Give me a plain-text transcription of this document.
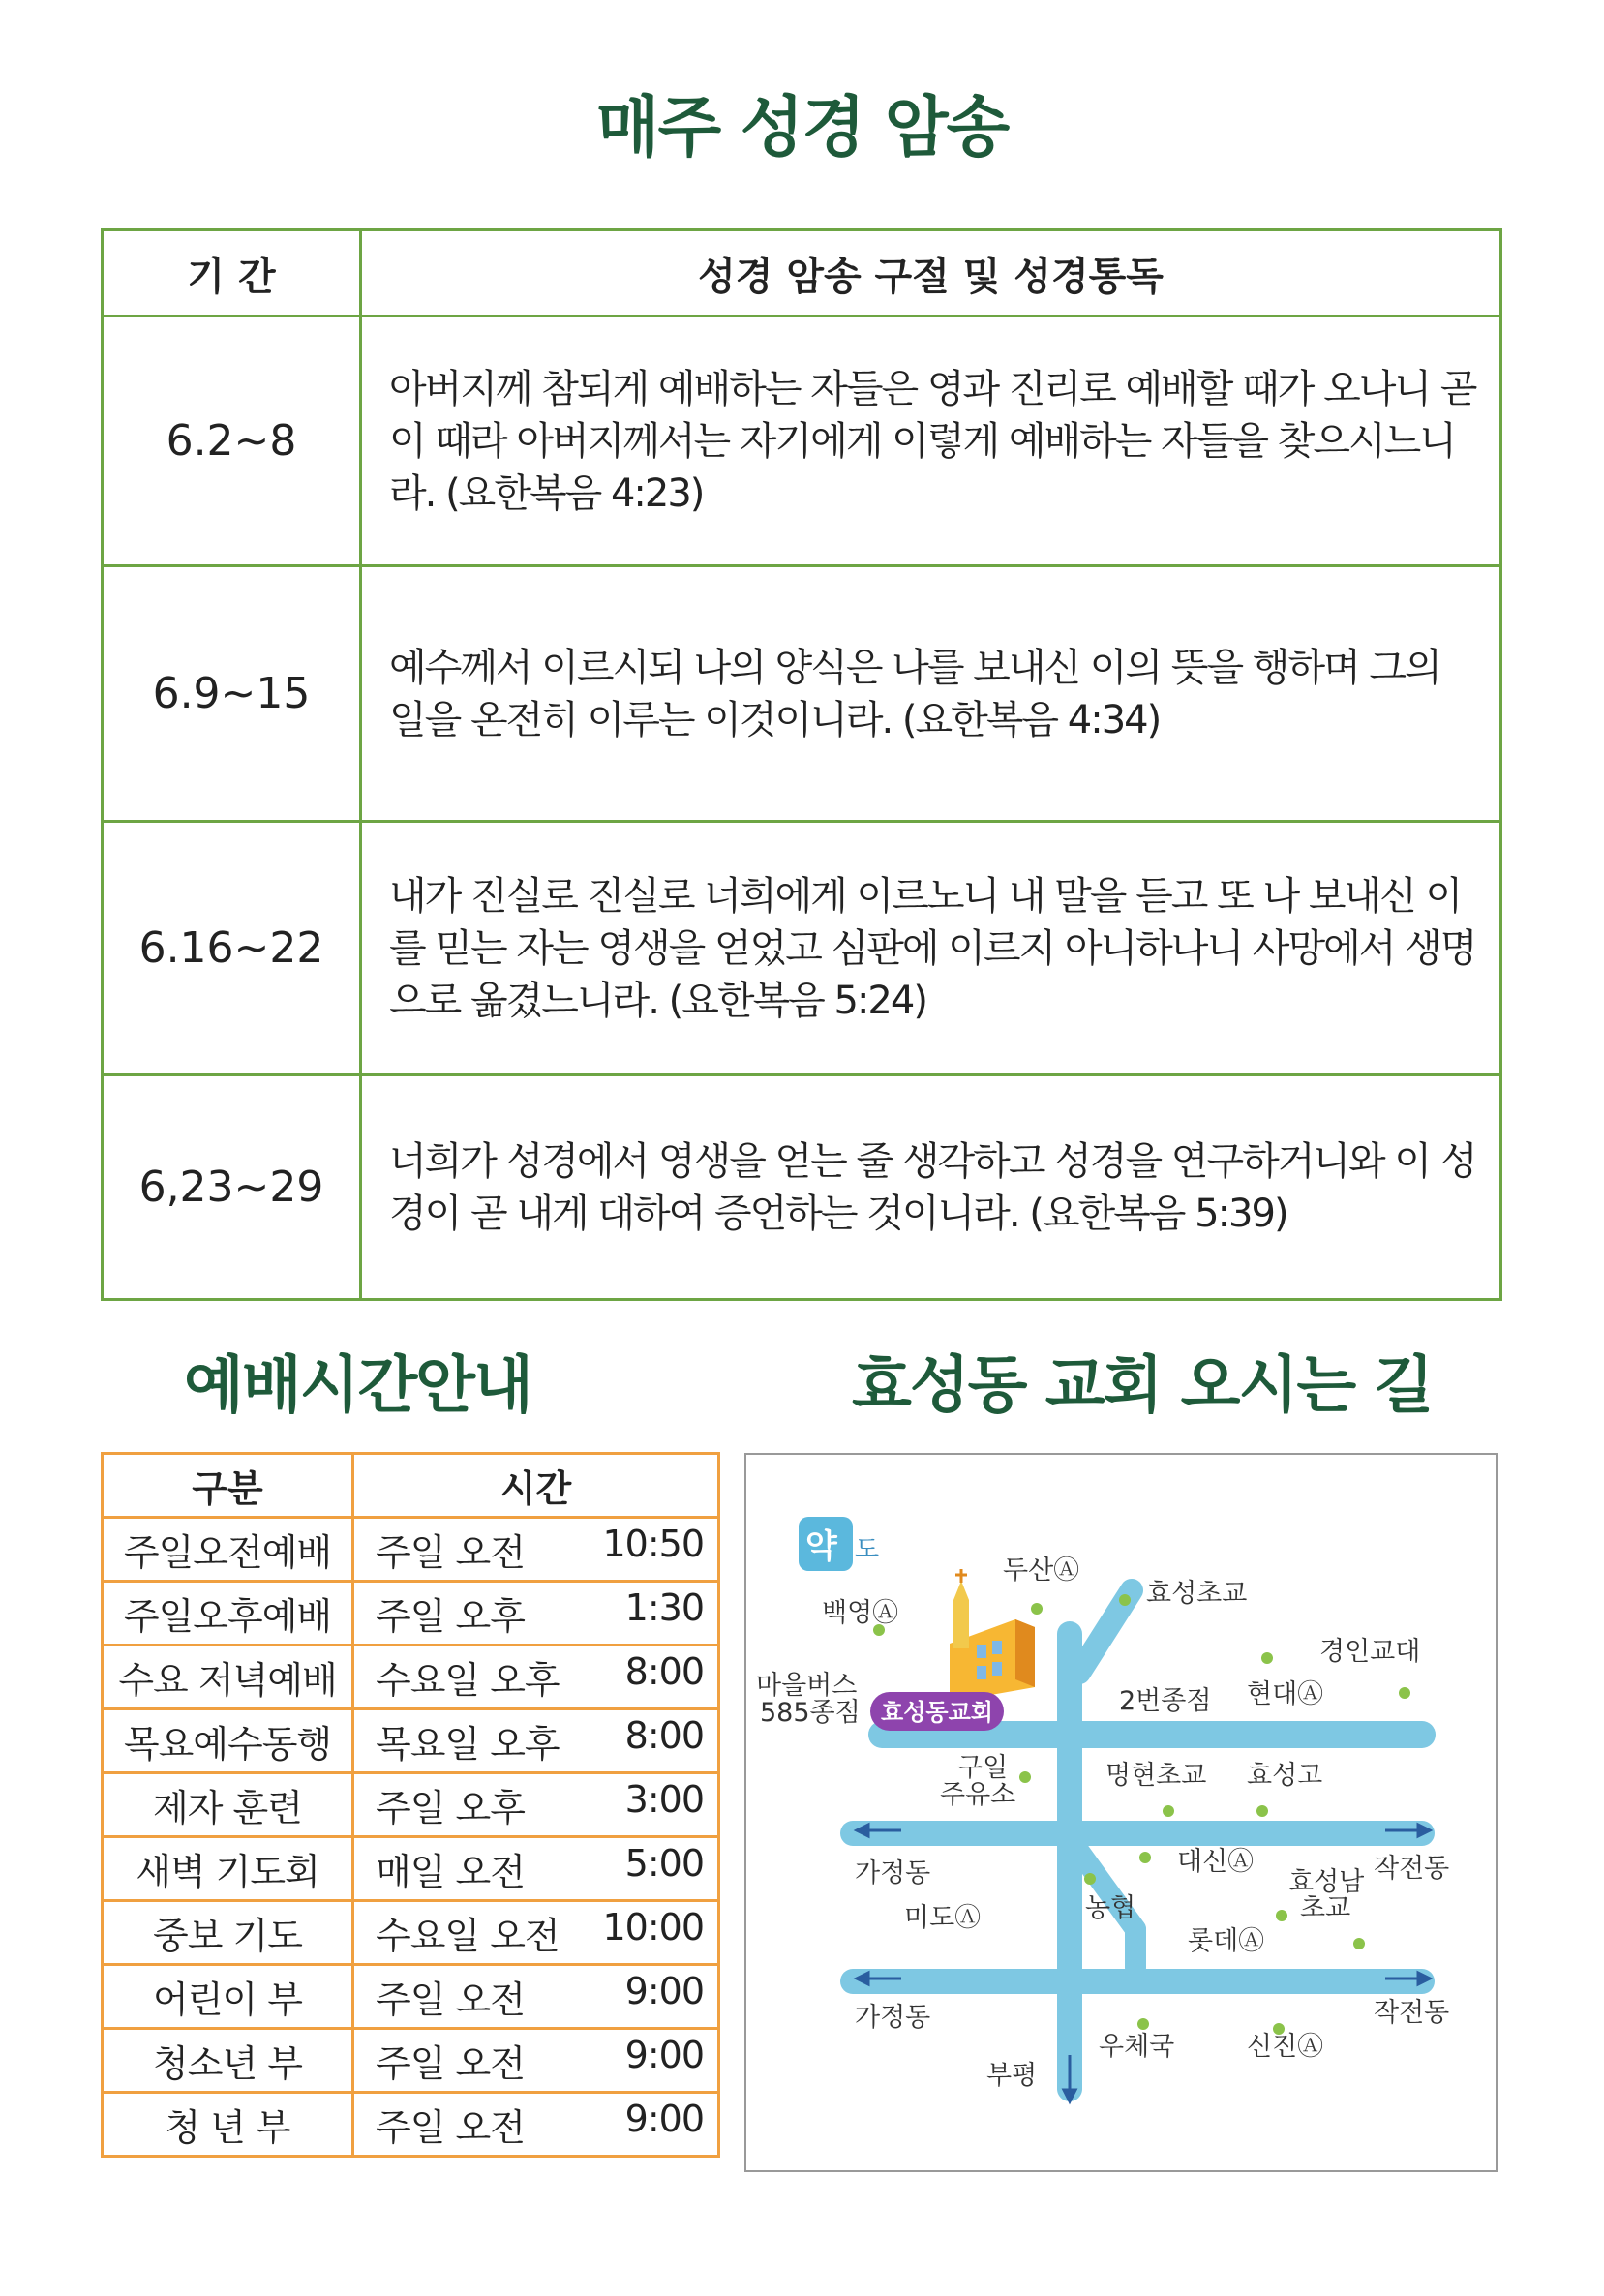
매주 성경 암송
기 간	성경 암송 구절 및 성경통독
6.2~8	아버지께 참되게 예배하는 자들은 영과 진리로 예배할 때가 오나니 곧 이 때라 아버지께서는 자기에게 이렇게 예배하는 자들을 찾으시느니라. (요한복음 4:23)
6.9~15	예수께서 이르시되 나의 양식은 나를 보내신 이의 뜻을 행하며 그의 일을 온전히 이루는 이것이니라. (요한복음 4:34)
6.16~22	내가 진실로 진실로 너희에게 이르노니 내 말을 듣고 또 나 보내신 이를 믿는 자는 영생을 얻었고 심판에 이르지 아니하나니 사망에서 생명으로 옮겼느니라. (요한복음 5:24)
6,23~29	너희가 성경에서 영생을 얻는 줄 생각하고 성경을 연구하거니와 이 성경이 곧 내게 대하여 증언하는 것이니라. (요한복음 5:39)
예배시간안내	효성동 교회 오시는 길
구분	시간
주일오전예배	주일 오전 10:50

주일오후예배	주일 오후 1:30

수요 저녁예배	수요일 오후 8:00

목요예수동행	목요일 오후 8:00

제자 훈련	주일 오후 3:00

새벽 기도회	매일 오전 5:00

중보 기도	수요일 오전 10:00

어린이 부	주일 오전 9:00

청소년 부	주일 오전 9:00

청 년 부	주일 오전 9:00
약 도
효성동교회
두산Ⓐ
효성초교
백영Ⓐ
경인교대
마을버스
585종점	2번종점 현대Ⓐ
구일
주유소
명현초교 효성고
가정동	대신Ⓐ	작전동
효성남
초교
미도Ⓐ	농협
롯데Ⓐ
가정동	작전동
우체국	신진Ⓐ
부평
